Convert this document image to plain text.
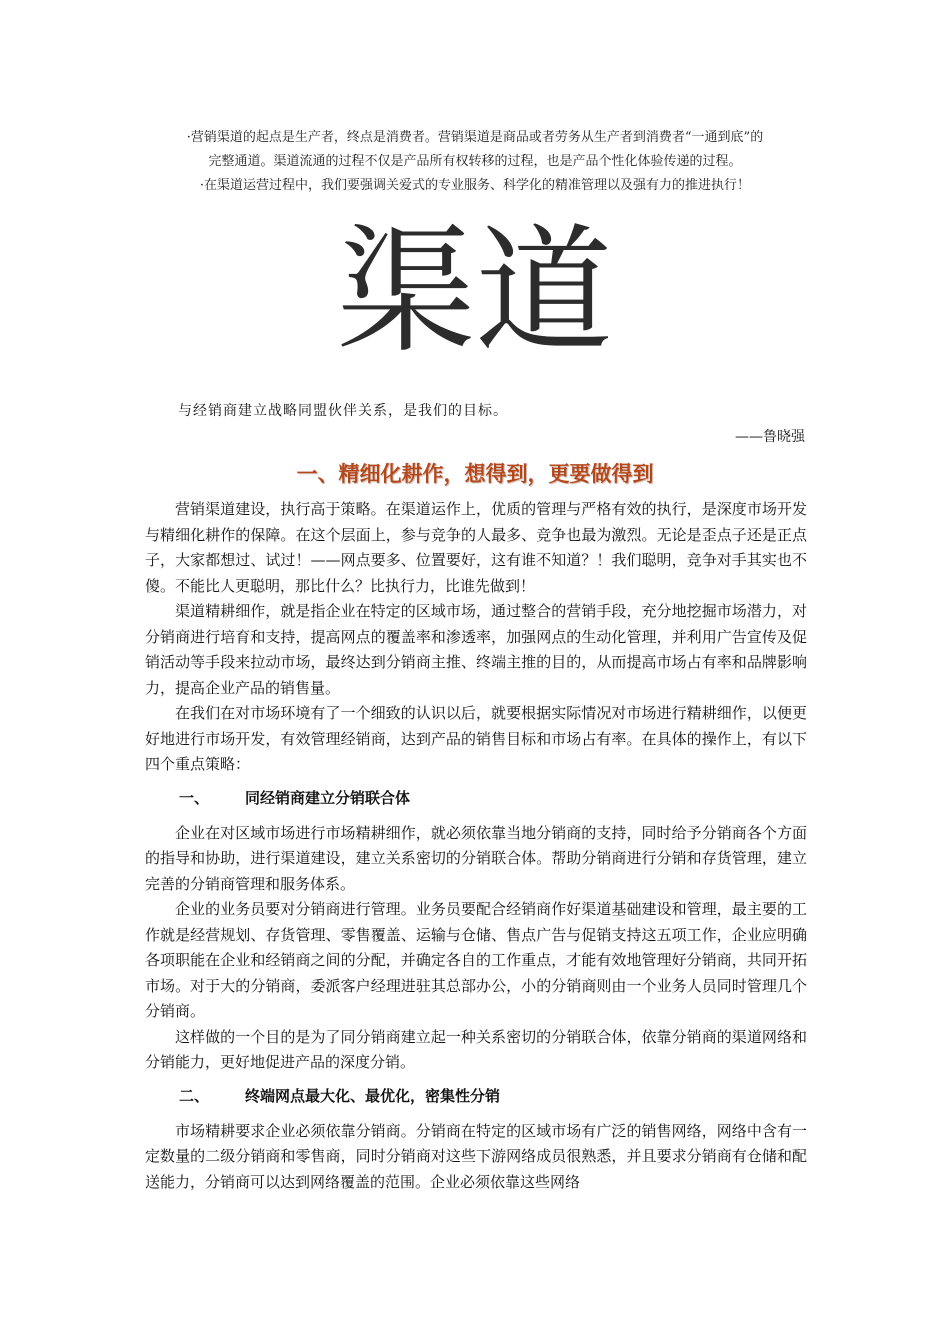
·营销渠道的起点是生产者，终点是消费者。营销渠道是商品或者劳务从生产者到消费者“一通到底”的

完整通道。渠道流通的过程不仅是产品所有权转移的过程，也是产品个性化体验传递的过程。

·在渠道运营过程中，我们要强调关爱式的专业服务、科学化的精准管理以及强有力的推进执行！

渠道
与经销商建立战略同盟伙伴关系，是我们的目标。
——鲁晓强
一、精细化耕作，想得到，更要做得到

营销渠道建设，执行高于策略。在渠道运作上，优质的管理与严格有效的执行，是深度市场开发与精细化耕作的保障。在这个层面上，参与竞争的人最多、竞争也最为激烈。无论是歪点子还是正点子，大家都想过、试过！——网点要多、位置要好，这有谁不知道？！我们聪明，竞争对手其实也不傻。不能比人更聪明，那比什么？比执行力，比谁先做到！

渠道精耕细作，就是指企业在特定的区域市场，通过整合的营销手段，充分地挖掘市场潜力，对分销商进行培育和支持，提高网点的覆盖率和渗透率，加强网点的生动化管理，并利用广告宣传及促销活动等手段来拉动市场，最终达到分销商主推、终端主推的目的，从而提高市场占有率和品牌影响力，提高企业产品的销售量。

在我们在对市场环境有了一个细致的认识以后，就要根据实际情况对市场进行精耕细作，以便更好地进行市场开发，有效管理经销商，达到产品的销售目标和市场占有率。在具体的操作上，有以下四个重点策略：

一、 同经销商建立分销联合体

企业在对区域市场进行市场精耕细作，就必须依靠当地分销商的支持，同时给予分销商各个方面的指导和协助，进行渠道建设，建立关系密切的分销联合体。帮助分销商进行分销和存货管理，建立完善的分销商管理和服务体系。

企业的业务员要对分销商进行管理。业务员要配合经销商作好渠道基础建设和管理，最主要的工作就是经营规划、存货管理、零售覆盖、运输与仓储、售点广告与促销支持这五项工作，企业应明确各项职能在企业和经销商之间的分配，并确定各自的工作重点，才能有效地管理好分销商，共同开拓市场。对于大的分销商，委派客户经理进驻其总部办公，小的分销商则由一个业务人员同时管理几个分销商。

这样做的一个目的是为了同分销商建立起一种关系密切的分销联合体，依靠分销商的渠道网络和分销能力，更好地促进产品的深度分销。

二、 终端网点最大化、最优化，密集性分销

市场精耕要求企业必须依靠分销商。分销商在特定的区域市场有广泛的销售网络，网络中含有一定数量的二级分销商和零售商，同时分销商对这些下游网络成员很熟悉，并且要求分销商有仓储和配送能力，分销商可以达到网络覆盖的范围。企业必须依靠这些网络
